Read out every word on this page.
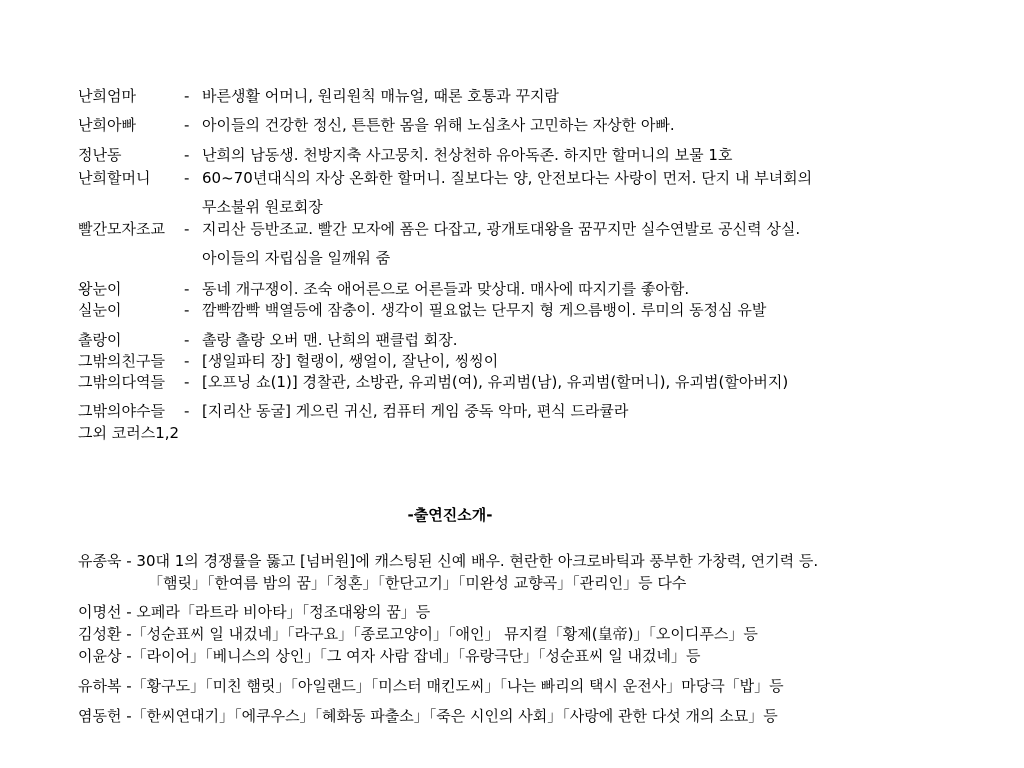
난희엄마	- 바른생활 어머니, 원리원칙 매뉴얼, 때론 호통과 꾸지람
난희아빠	- 아이들의 건강한 정신, 튼튼한 몸을 위해 노심초사 고민하는 자상한 아빠.
정난동	- 난희의 남동생. 천방지축 사고뭉치. 천상천하 유아독존. 하지만 할머니의 보물 1호
난희할머니 - 60~70년대식의 자상 온화한 할머니. 질보다는 양, 안전보다는 사랑이 먼저. 단지 내 부녀회의
무소불위 원로회장
빨간모자조교 - 지리산 등반조교. 빨간 모자에 폼은 다잡고, 광개토대왕을 꿈꾸지만 실수연발로 공신력 상실.
아이들의 자립심을 일깨워 줌
왕눈이	- 동네 개구쟁이. 조숙 애어른으로 어른들과 맞상대. 매사에 따지기를 좋아함.
실눈이	- 깜빡깜빡 백열등에 잠충이. 생각이 필요없는 단무지 형 게으름뱅이. 루미의 동정심 유발
촐랑이	- 촐랑 촐랑 오버 맨. 난희의 팬클럽 회장.
그밖의친구들 - [생일파티 장] 헐랭이, 쌩얼이, 잘난이, 씽씽이
그밖의다역들 - [오프닝 쇼(1)] 경찰관, 소방관, 유괴범(여), 유괴범(남), 유괴범(할머니), 유괴범(할아버지)
그밖의야수들 - [지리산 동굴] 게으린 귀신, 컴퓨터 게임 중독 악마, 편식 드라큘라
그외 코러스1,2
-출연진소개-
유종욱 - 30대 1의 경쟁률을 뚫고 [넘버원]에 캐스팅된 신예 배우. 현란한 아크로바틱과 풍부한 가창력, 연기력 등.
「햄릿」「한여름 밤의 꿈」「청혼」「한단고기」「미완성 교향곡」「관리인」등 다수
이명선 - 오페라「라트라 비아타」「정조대왕의 꿈」등
김성환 -「성순표씨 일 내겄네」「라구요」「종로고양이」「애인」 뮤지컬「황제(皇帝)」「오이디푸스」등
이윤상 -「라이어」「베니스의 상인」「그 여자 사람 잡네」「유랑극단」「성순표씨 일 내겄네」등
유하복 -「황구도」「미친 햄릿」「아일랜드」「미스터 매킨도씨」「나는 빠리의 택시 운전사」마당극「밥」등
염동헌 -「한씨연대기」「에쿠우스」「혜화동 파출소」「죽은 시인의 사회」「사랑에 관한 다섯 개의 소묘」등
